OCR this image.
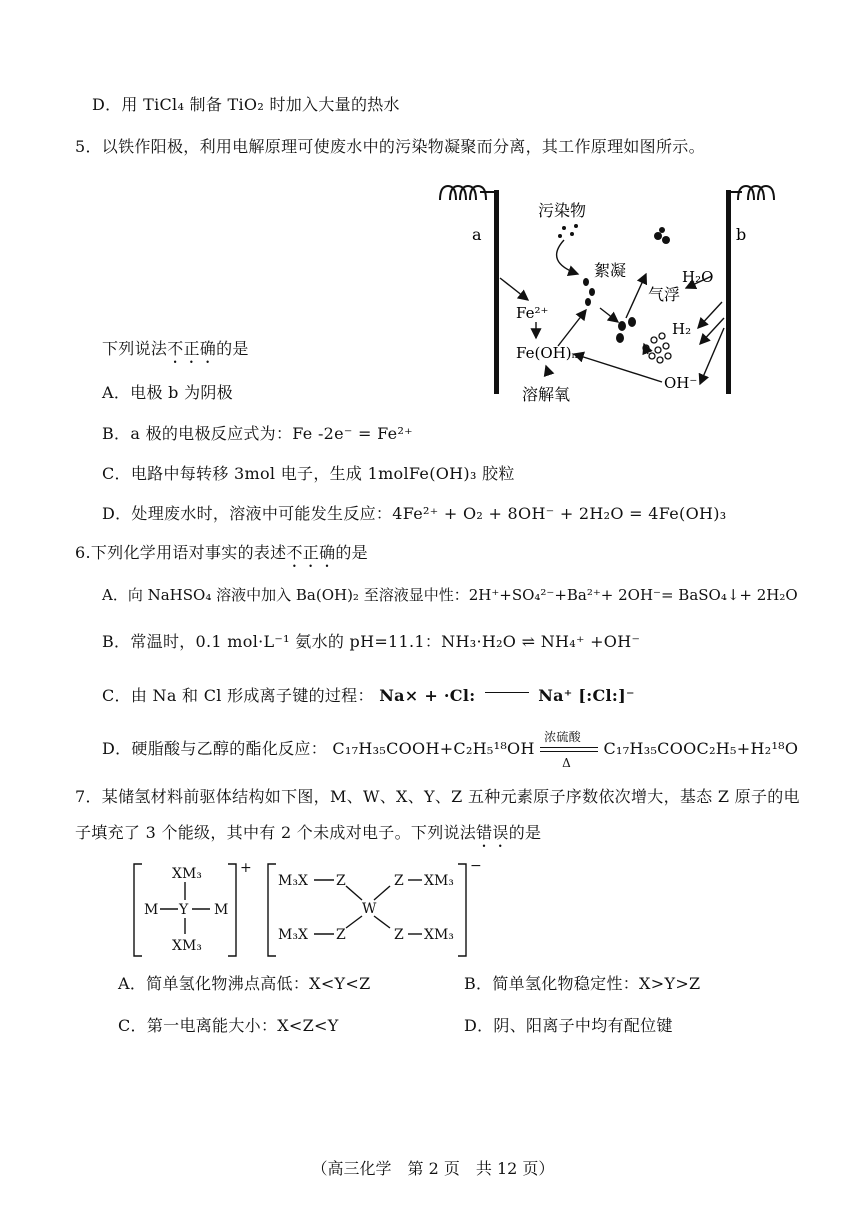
D．用 TiCl₄ 制备 TiO₂ 时加入大量的热水
5．以铁作阳极，利用电解原理可使废水中的污染物凝聚而分离，其工作原理如图所示。
a	b
污染物
絮凝
气浮
Fe²⁺
Fe(OH)ₘ
溶解氧
H₂O
H₂
OH⁻
下列说法不正确的是
A．电极 b 为阴极
B．a 极的电极反应式为：Fe -2e⁻ = Fe²⁺
C．电路中每转移 3mol 电子，生成 1molFe(OH)₃ 胶粒
D．处理废水时，溶液中可能发生反应：4Fe²⁺ + O₂ + 8OH⁻ + 2H₂O = 4Fe(OH)₃
6.下列化学用语对事实的表述不正确的是
A．向 NaHSO₄ 溶液中加入 Ba(OH)₂ 至溶液显中性：2H⁺+SO₄²⁻+Ba²⁺+ 2OH⁻= BaSO₄↓+ 2H₂O
B．常温时，0.1 mol·L⁻¹ 氨水的 pH=11.1：NH₃·H₂O ⇌ NH₄⁺ +OH⁻
C．由 Na 和 Cl 形成离子键的过程： Na× + ·Cl:	Na⁺ [:Cl:]⁻
D．硬脂酸与乙醇的酯化反应： C₁₇H₃₅COOH+C₂H₅¹⁸OH
浓硫酸
Δ
C₁₇H₃₅COOC₂H₅+H₂¹⁸O
7．某储氢材料前驱体结构如下图，M、W、X、Y、Z 五种元素原子序数依次增大，基态 Z 原子的电
子填充了 3 个能级，其中有 2 个未成对电子。下列说法错误的是
XM₃
M Y M
XM₃
+
M₃X Z	Z XM₃
W
M₃X Z	Z XM₃
−
A．简单氢化物沸点高低：X<Y<Z	B．简单氢化物稳定性：X>Y>Z
C．第一电离能大小：X<Z<Y	D．阴、阳离子中均有配位键
（高三化学　第 2 页　共 12 页）
